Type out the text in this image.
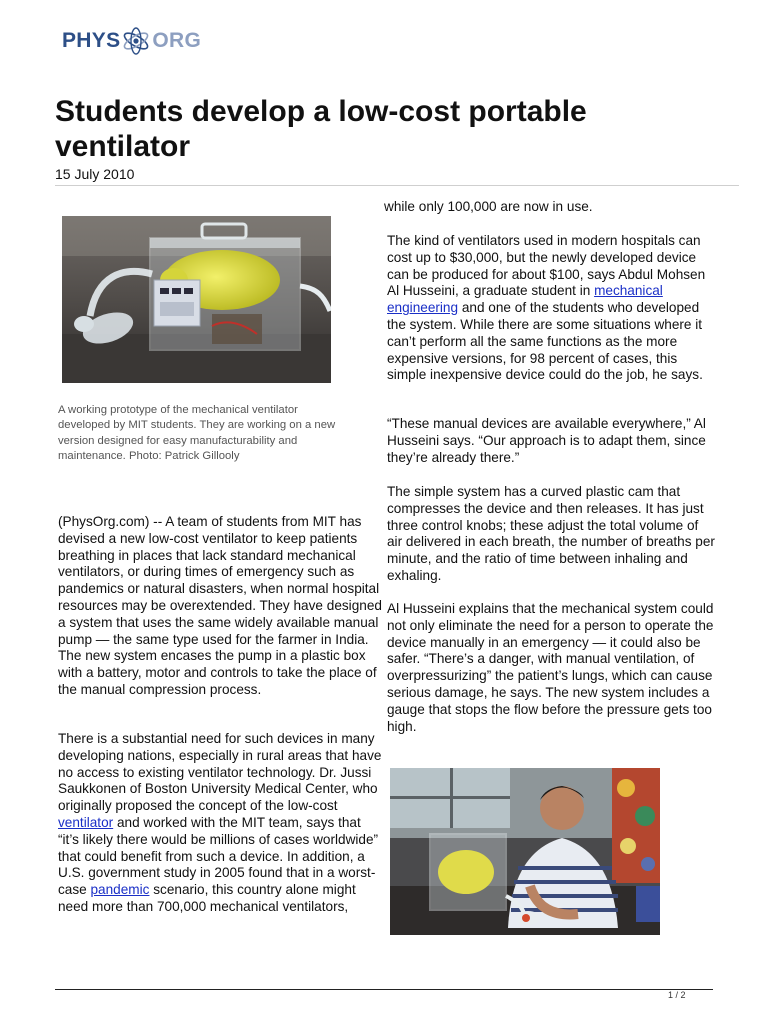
PHYS ORG
Students develop a low-cost portable ventilator
15 July 2010
A working prototype of the mechanical ventilator developed by MIT students. They are working on a new version designed for easy manufacturability and maintenance. Photo: Patrick Gillooly

(PhysOrg.com) -- A team of students from MIT has devised a new low-cost ventilator to keep patients breathing in places that lack standard mechanical ventilators, or during times of emergency such as pandemics or natural disasters, when normal hospital resources may be overextended. They have designed a system that uses the same widely available manual pump — the same type used for the farmer in India. The new system encases the pump in a plastic box with a battery, motor and controls to take the place of the manual compression process.

There is a substantial need for such devices in many developing nations, especially in rural areas that have no access to existing ventilator technology. Dr. Jussi Saukkonen of Boston University Medical Center, who originally proposed the concept of the low-cost ventilator and worked with the MIT team, says that “it’s likely there would be millions of cases worldwide” that could benefit from such a device. In addition, a U.S. government study in 2005 found that in a worst-case pandemic scenario, this country alone might need more than 700,000 mechanical ventilators,

while only 100,000 are now in use.

The kind of ventilators used in modern hospitals can cost up to $30,000, but the newly developed device can be produced for about $100, says Abdul Mohsen Al Husseini, a graduate student in mechanical engineering and one of the students who developed the system. While there are some situations where it can’t perform all the same functions as the more expensive versions, for 98 percent of cases, this simple inexpensive device could do the job, he says.

“These manual devices are available everywhere,” Al Husseini says. “Our approach is to adapt them, since they’re already there.”

The simple system has a curved plastic cam that compresses the device and then releases. It has just three control knobs; these adjust the total volume of air delivered in each breath, the number of breaths per minute, and the ratio of time between inhaling and exhaling.

Al Husseini explains that the mechanical system could not only eliminate the need for a person to operate the device manually in an emergency — it could also be safer. “There’s a danger, with manual ventilation, of overpressurizing” the patient’s lungs, which can cause serious damage, he says. The new system includes a gauge that stops the flow before the pressure gets too high.

1 / 2
